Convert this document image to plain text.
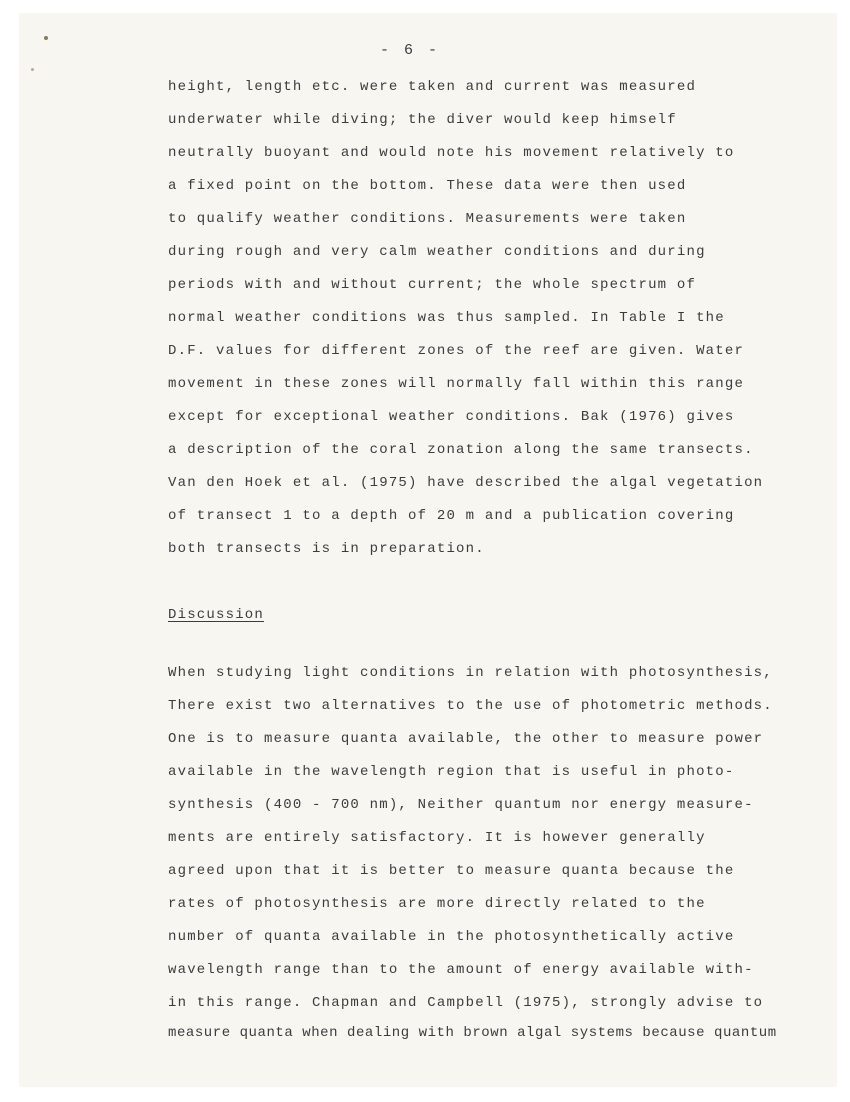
- 6 -
height, length etc. were taken and current was measured
underwater while diving; the diver would keep himself
neutrally buoyant and would note his movement relatively to
a fixed point on the bottom. These data were then used
to qualify weather conditions. Measurements were taken
during rough and very calm weather conditions and during
periods with and without current; the whole spectrum of
normal weather conditions was thus sampled. In Table I the
D.F. values for different zones of the reef are given. Water
movement in these zones will normally fall within this range
except for exceptional weather conditions. Bak (1976) gives
a description of the coral zonation along the same transects.
Van den Hoek et al. (1975) have described the algal vegetation
of transect 1 to a depth of 20 m and a publication covering
both transects is in preparation.
Discussion
When studying light conditions in relation with photosynthesis,
There exist two alternatives to the use of photometric methods.
One is to measure quanta available, the other to measure power
available in the wavelength region that is useful in photo-
synthesis (400 - 700 nm), Neither quantum nor energy measure-
ments are entirely satisfactory. It is however generally
agreed upon that it is better to measure quanta because the
rates of photosynthesis are more directly related to the
number of quanta available in the photosynthetically active
wavelength range than to the amount of energy available with-
in this range. Chapman and Campbell (1975), strongly advise to
measure quanta when dealing with brown algal systems because quantum
